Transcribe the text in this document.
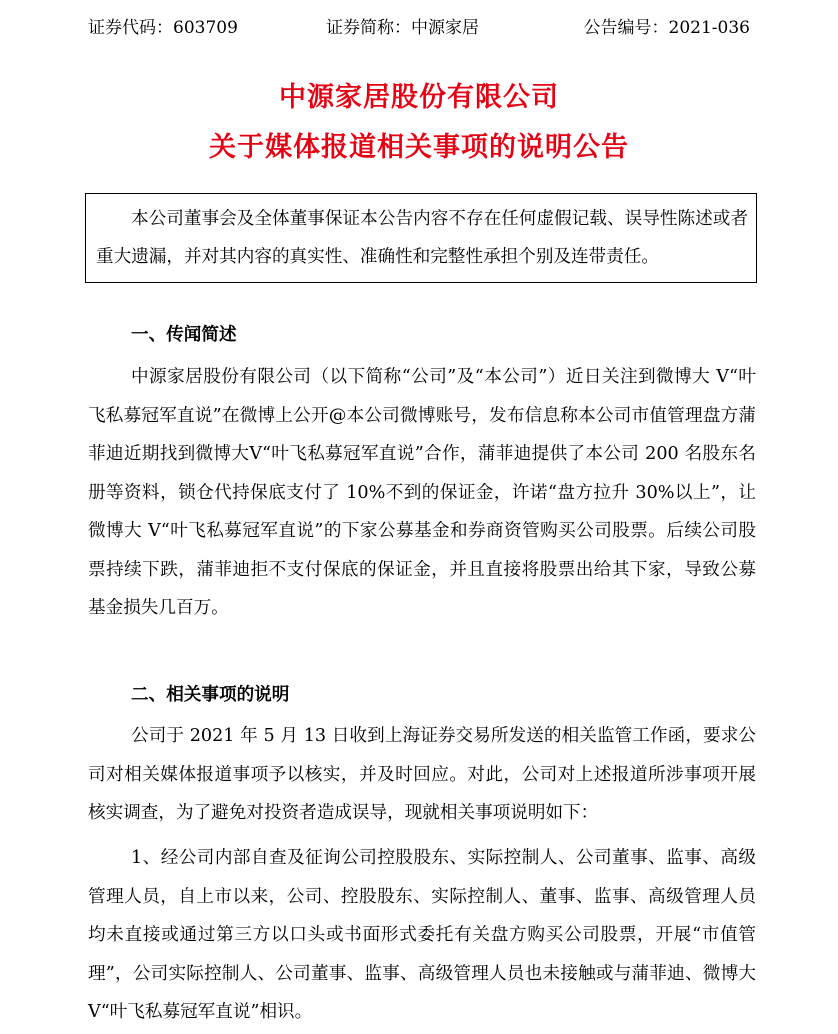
证券代码：603709	证券简称：中源家居	公告编号：2021-036
中源家居股份有限公司
关于媒体报道相关事项的说明公告

本公司董事会及全体董事保证本公告内容不存在任何虚假记载、误导性陈述或者重大遗漏，并对其内容的真实性、准确性和完整性承担个别及连带责任。

一、传闻简述

中源家居股份有限公司（以下简称“公司”及“本公司”）近日关注到微博大 V“叶飞私募冠军直说”在微博上公开@本公司微博账号，发布信息称本公司市值管理盘方蒲菲迪近期找到微博大V“叶飞私募冠军直说”合作，蒲菲迪提供了本公司 200 名股东名册等资料，锁仓代持保底支付了 10%不到的保证金，许诺“盘方拉升 30%以上”，让微博大 V“叶飞私募冠军直说”的下家公募基金和券商资管购买公司股票。后续公司股票持续下跌，蒲菲迪拒不支付保底的保证金，并且直接将股票出给其下家，导致公募基金损失几百万。

二、相关事项的说明

公司于 2021 年 5 月 13 日收到上海证券交易所发送的相关监管工作函，要求公司对相关媒体报道事项予以核实，并及时回应。对此，公司对上述报道所涉事项开展核实调查，为了避免对投资者造成误导，现就相关事项说明如下：

1、经公司内部自查及征询公司控股股东、实际控制人、公司董事、监事、高级管理人员，自上市以来，公司、控股股东、实际控制人、董事、监事、高级管理人员均未直接或通过第三方以口头或书面形式委托有关盘方购买公司股票，开展“市值管理”，公司实际控制人、公司董事、监事、高级管理人员也未接触或与蒲菲迪、微博大 V“叶飞私募冠军直说”相识。
